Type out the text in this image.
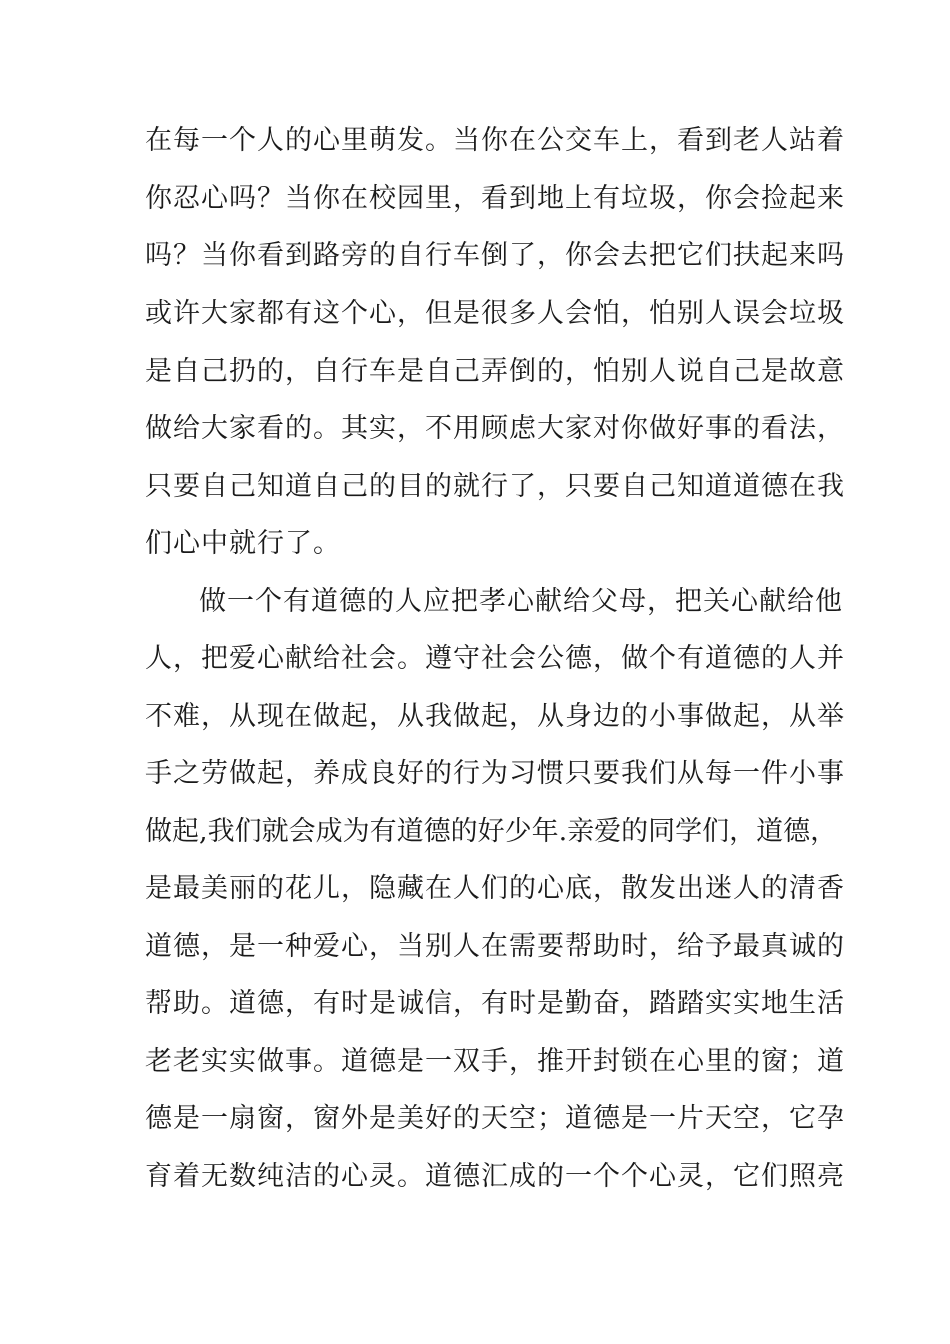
在每一个人的心里萌发。当你在公交车上，看到老人站着
你忍心吗？当你在校园里，看到地上有垃圾，你会捡起来
吗？当你看到路旁的自行车倒了，你会去把它们扶起来吗
或许大家都有这个心，但是很多人会怕，怕别人误会垃圾
是自己扔的，自行车是自己弄倒的，怕别人说自己是故意
做给大家看的。其实，不用顾虑大家对你做好事的看法，
只要自己知道自己的目的就行了，只要自己知道道德在我
们心中就行了。
做一个有道德的人应把孝心献给父母，把关心献给他
人，把爱心献给社会。遵守社会公德，做个有道德的人并
不难，从现在做起，从我做起，从身边的小事做起，从举
手之劳做起，养成良好的行为习惯只要我们从每一件小事
做起,我们就会成为有道德的好少年.亲爱的同学们，道德，
是最美丽的花儿，隐藏在人们的心底，散发出迷人的清香
道德，是一种爱心，当别人在需要帮助时，给予最真诚的
帮助。道德，有时是诚信，有时是勤奋，踏踏实实地生活
老老实实做事。道德是一双手，推开封锁在心里的窗；道
德是一扇窗，窗外是美好的天空；道德是一片天空，它孕
育着无数纯洁的心灵。道德汇成的一个个心灵，它们照亮
